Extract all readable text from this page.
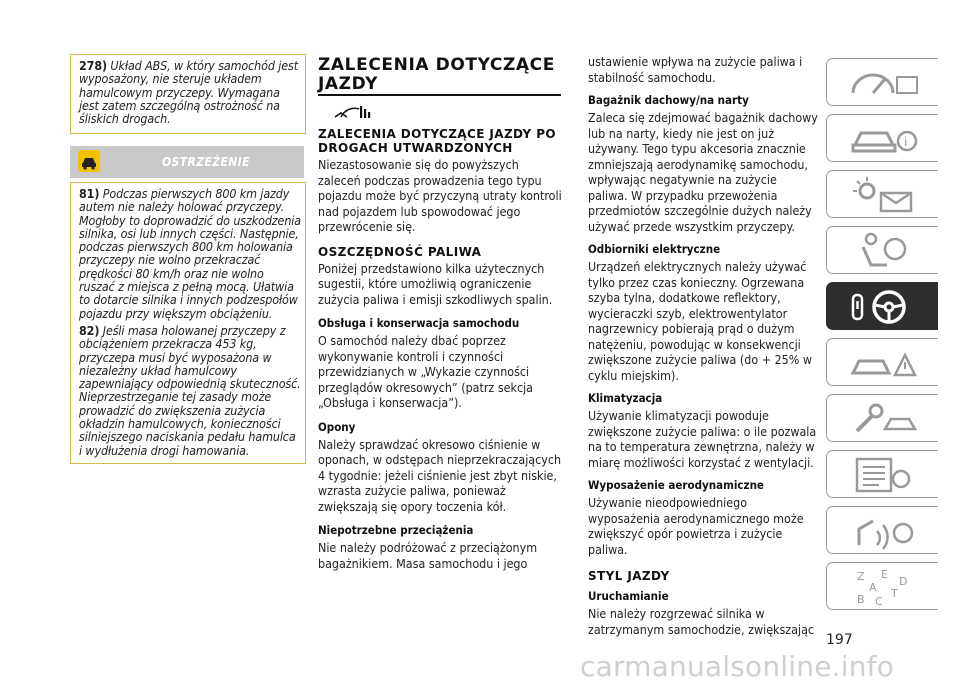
278) Układ ABS, w który samochód jest wyposażony, nie steruje układem hamulcowym przyczepy. Wymagana jest zatem szczególną ostrożność na śliskich drogach.

OSTRZEŻENIE

81) Podczas pierwszych 800 km jazdy autem nie należy holować przyczepy. Mogłoby to doprowadzić do uszkodzenia silnika, osi lub innych części. Następnie, podczas pierwszych 800 km holowania przyczepy nie wolno przekraczać prędkości 80 km/h oraz nie wolno ruszać z miejsca z pełną mocą. Ułatwia to dotarcie silnika i innych podzespołów pojazdu przy większym obciążeniu.

82) Jeśli masa holowanej przyczepy z obciążeniem przekracza 453 kg, przyczepa musi być wyposażona w niezależny układ hamulcowy zapewniający odpowiednią skuteczność. Nieprzestrzeganie tej zasady może prowadzić do zwiększenia zużycia okładzin hamulcowych, konieczności silniejszego naciskania pedału hamulca i wydłużenia drogi hamowania.

ZALECENIA DOTYCZĄCE JAZDY
ZALECENIA DOTYCZĄCE JAZDY PO DROGACH UTWARDZONYCH

Niezastosowanie się do powyższych zaleceń podczas prowadzenia tego typu pojazdu może być przyczyną utraty kontroli nad pojazdem lub spowodować jego przewrócenie się.

OSZCZĘDNOŚĆ PALIWA

Poniżej przedstawiono kilka użytecznych sugestii, które umożliwią ograniczenie zużycia paliwa i emisji szkodliwych spalin.

Obsługa i konserwacja samochodu

O samochód należy dbać poprzez wykonywanie kontroli i czynności przewidzianych w „Wykazie czynności przeglądów okresowych” (patrz sekcja „Obsługa i konserwacja”).

Opony

Należy sprawdzać okresowo ciśnienie w oponach, w odstępach nieprzekraczających 4 tygodnie: jeżeli ciśnienie jest zbyt niskie, wzrasta zużycie paliwa, ponieważ zwiększają się opory toczenia kół.

Niepotrzebne przeciążenia

Nie należy podróżować z przeciążonym bagażnikiem. Masa samochodu i jego

ustawienie wpływa na zużycie paliwa i stabilność samochodu.

Bagażnik dachowy/na narty

Zaleca się zdejmować bagażnik dachowy lub na narty, kiedy nie jest on już używany. Tego typu akcesoria znacznie zmniejszają aerodynamikę samochodu, wpływając negatywnie na zużycie paliwa. W przypadku przewożenia przedmiotów szczególnie dużych należy używać przede wszystkim przyczepy.

Odbiorniki elektryczne

Urządzeń elektrycznych należy używać tylko przez czas konieczny. Ogrzewana szyba tylna, dodatkowe reflektory, wycieraczki szyb, elektrowentylator nagrzewnicy pobierają prąd o dużym natężeniu, powodując w konsekwencji zwiększone zużycie paliwa (do + 25% w cyklu miejskim).

Klimatyzacja

Używanie klimatyzacji powoduje zwiększone zużycie paliwa: o ile pozwala na to temperatura zewnętrzna, należy w miarę możliwości korzystać z wentylacji.

Wyposażenie aerodynamiczne

Używanie nieodpowiedniego wyposażenia aerodynamicznego może zwiększyć opór powietrza i zużycie paliwa.

STYL JAZDY
Uruchamianie

Nie należy rozgrzewać silnika w zatrzymanym samochodzie, zwiększając

i
Z E
A
B C
T
D
197
carmanualsonline.info
